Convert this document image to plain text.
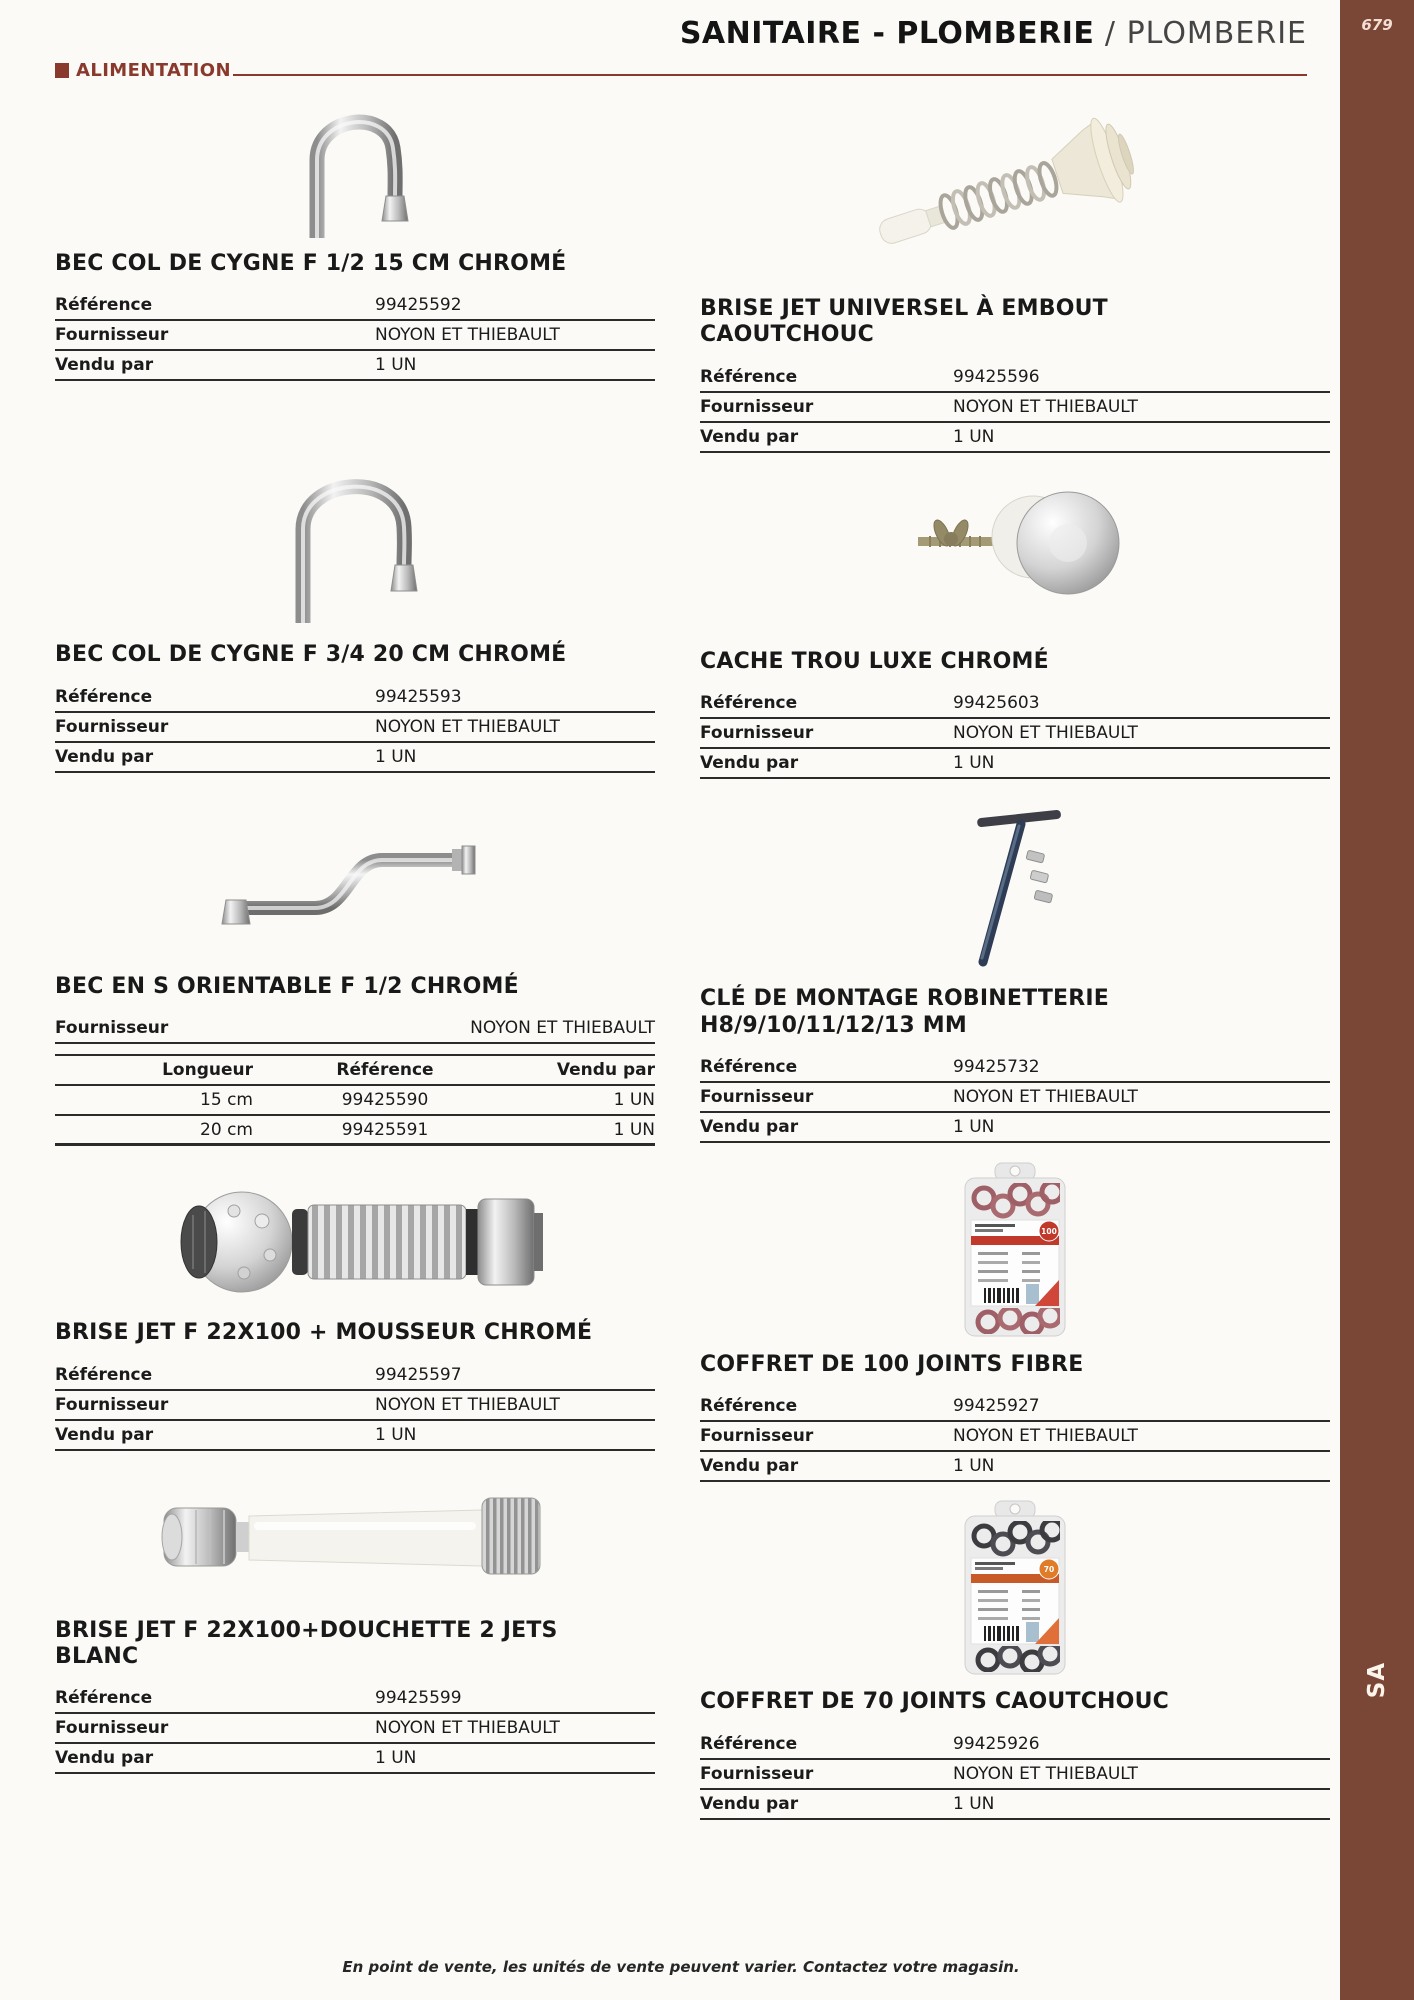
679
SA
SANITAIRE - PLOMBERIE / PLOMBERIE
ALIMENTATION
BEC COL DE CYGNE F 1/2 15 CM CHROMÉ
Référence	99425592
Fournisseur	NOYON ET THIEBAULT
Vendu par	1 UN
BEC COL DE CYGNE F 3/4 20 CM CHROMÉ
Référence	99425593
Fournisseur	NOYON ET THIEBAULT
Vendu par	1 UN
BEC EN S ORIENTABLE F 1/2 CHROMÉ
Fournisseur	NOYON ET THIEBAULT
Longueur	Référence	Vendu par
15 cm	99425590	1 UN
20 cm	99425591	1 UN
BRISE JET F 22X100 + MOUSSEUR CHROMÉ
Référence	99425597
Fournisseur	NOYON ET THIEBAULT
Vendu par	1 UN
BRISE JET F 22X100+DOUCHETTE 2 JETS BLANC
Référence	99425599
Fournisseur	NOYON ET THIEBAULT
Vendu par	1 UN
BRISE JET UNIVERSEL À EMBOUT CAOUTCHOUC
Référence	99425596
Fournisseur	NOYON ET THIEBAULT
Vendu par	1 UN
CACHE TROU LUXE CHROMÉ
Référence	99425603
Fournisseur	NOYON ET THIEBAULT
Vendu par	1 UN
CLÉ DE MONTAGE ROBINETTERIE H8/9/10/11/12/13 MM
Référence	99425732
Fournisseur	NOYON ET THIEBAULT
Vendu par	1 UN
100
COFFRET DE 100 JOINTS FIBRE
Référence	99425927
Fournisseur	NOYON ET THIEBAULT
Vendu par	1 UN
70
COFFRET DE 70 JOINTS CAOUTCHOUC
Référence	99425926
Fournisseur	NOYON ET THIEBAULT
Vendu par	1 UN
En point de vente, les unités de vente peuvent varier. Contactez votre magasin.
